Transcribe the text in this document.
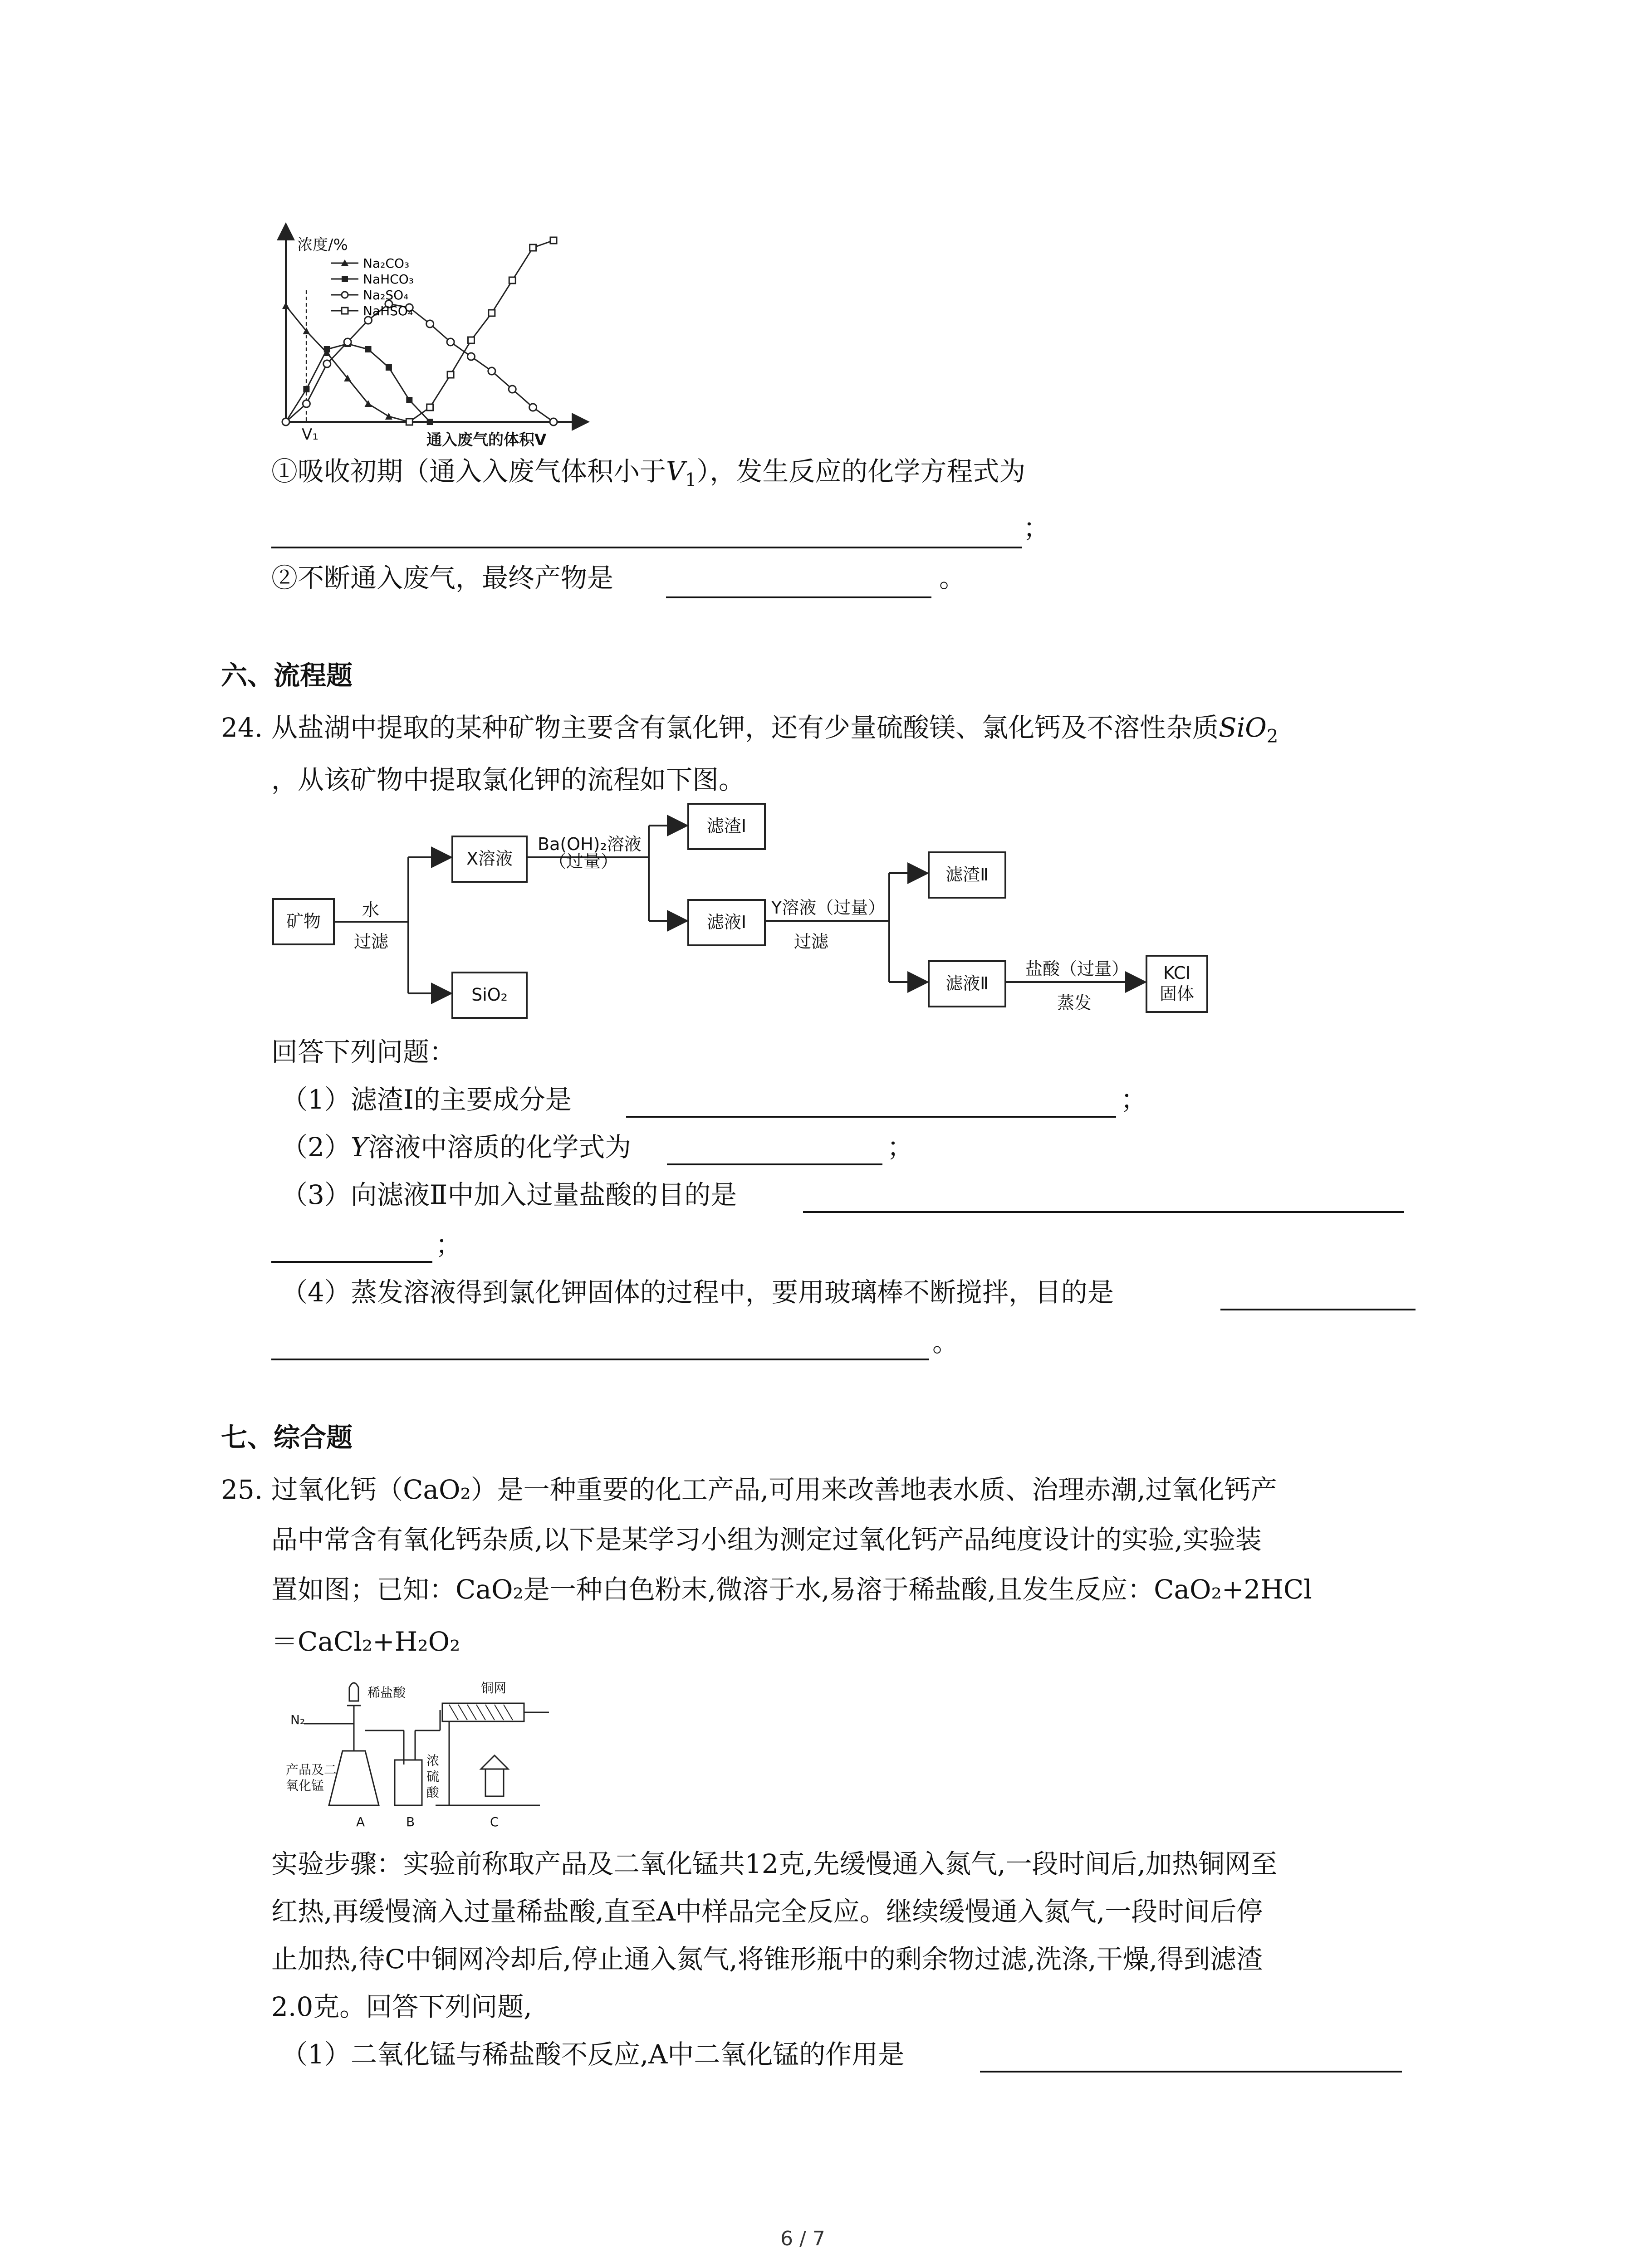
Na₂CO₃
NaHCO₃
Na₂SO₄
NaHSO₄
浓度/%
V₁	通入废气的体积V
①吸收初期（通入入废气体积小于$V_1$），发生反应的化学方程式为
；
②不断通入废气，最终产物是	。
六、流程题
24. 从盐湖中提取的某种矿物主要含有氯化钾，还有少量硫酸镁、氯化钙及不溶性杂质SiO$_2$
，从该矿物中提取氯化钾的流程如下图。
矿物
水
过滤
X溶液
SiO₂
Ba(OH)₂溶液
（过量）
滤渣Ⅰ
滤液Ⅰ
Y溶液（过量）
过滤
滤渣Ⅱ
滤液Ⅱ
盐酸（过量）
蒸发
KCl
固体
回答下列问题：
（1）滤渣Ⅰ的主要成分是	；
（2）Y溶液中溶质的化学式为	；
（3）向滤液Ⅱ中加入过量盐酸的目的是
；
（4）蒸发溶液得到氯化钾固体的过程中，要用玻璃棒不断搅拌，目的是
。
七、综合题
25. 过氧化钙（CaO₂）是一种重要的化工产品,可用来改善地表水质、治理赤潮,过氧化钙产
品中常含有氧化钙杂质,以下是某学习小组为测定过氧化钙产品纯度设计的实验,实验装
置如图；已知：CaO₂是一种白色粉末,微溶于水,易溶于稀盐酸,且发生反应：CaO₂+2HCl
＝CaCl₂+H₂O₂
N₂
稀盐酸	铜网
产品及二
氧化锰
浓
硫
酸
A	B	C
实验步骤：实验前称取产品及二氧化锰共12克,先缓慢通入氮气,一段时间后,加热铜网至
红热,再缓慢滴入过量稀盐酸,直至A中样品完全反应。继续缓慢通入氮气,一段时间后停
止加热,待C中铜网冷却后,停止通入氮气,将锥形瓶中的剩余物过滤,洗涤,干燥,得到滤渣
2.0克。回答下列问题,
（1）二氧化锰与稀盐酸不反应,A中二氧化锰的作用是
6 / 7
